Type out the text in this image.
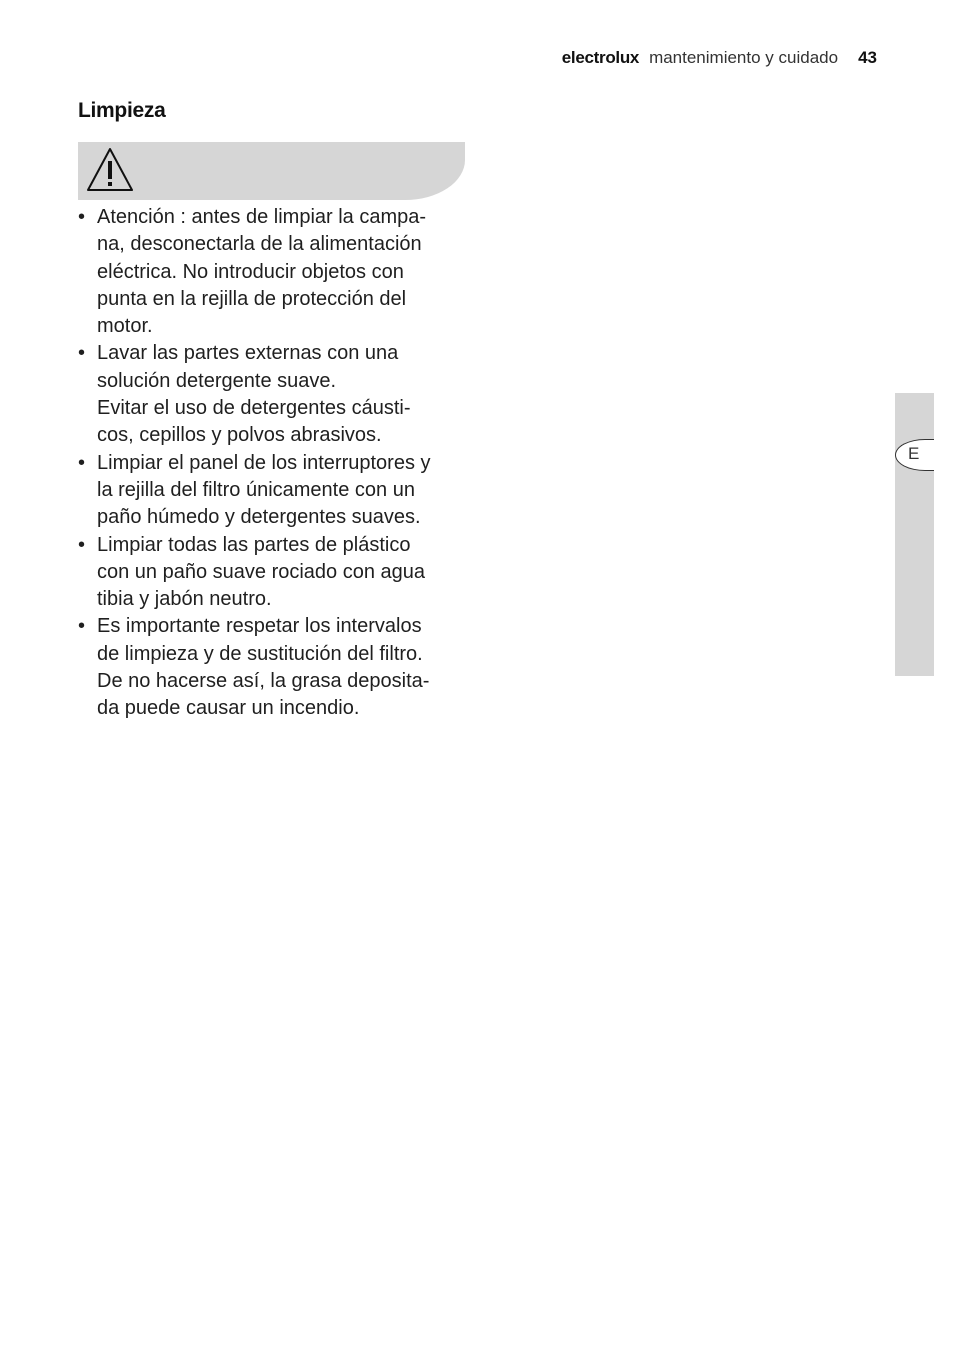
electrolux mantenimiento y cuidado 43
Limpieza
• Atención : antes de limpiar la campa-
na, desconectarla de la alimentación
eléctrica. No introducir objetos con
punta en la rejilla de protección del
motor.
• Lavar las partes externas con una
solución detergente suave.
Evitar el uso de detergentes cáusti-
cos, cepillos y polvos abrasivos.
• Limpiar el panel de los interruptores y
la rejilla del filtro únicamente con un
paño húmedo y detergentes suaves.
• Limpiar todas las partes de plástico
con un paño suave rociado con agua
tibia y jabón neutro.
• Es importante respetar los intervalos
de limpieza y de sustitución del filtro.
De no hacerse así, la grasa deposita-
da puede causar un incendio.
E
